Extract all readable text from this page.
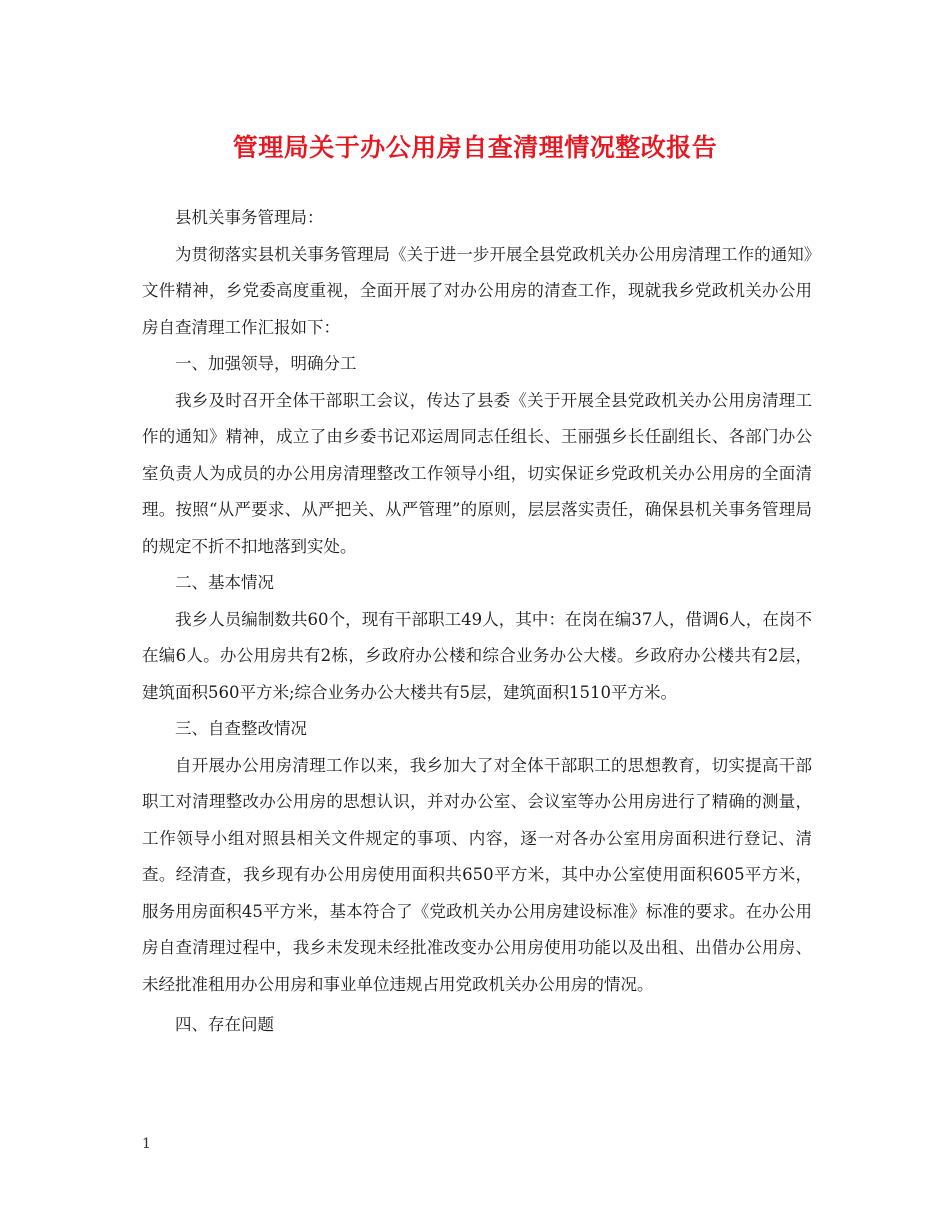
管理局关于办公用房自查清理情况整改报告

县机关事务管理局：

为贯彻落实县机关事务管理局《关于进一步开展全县党政机关办公用房清理工作的通知》文件精神，乡党委高度重视，全面开展了对办公用房的清查工作，现就我乡党政机关办公用房自查清理工作汇报如下：

一、加强领导，明确分工

我乡及时召开全体干部职工会议，传达了县委《关于开展全县党政机关办公用房清理工作的通知》精神，成立了由乡委书记邓运周同志任组长、王丽强乡长任副组长、各部门办公室负责人为成员的办公用房清理整改工作领导小组，切实保证乡党政机关办公用房的全面清理。按照“从严要求、从严把关、从严管理”的原则，层层落实责任，确保县机关事务管理局的规定不折不扣地落到实处。

二、基本情况

我乡人员编制数共60个，现有干部职工49人，其中：在岗在编37人，借调6人，在岗不在编6人。办公用房共有2栋，乡政府办公楼和综合业务办公大楼。乡政府办公楼共有2层，建筑面积560平方米;综合业务办公大楼共有5层，建筑面积1510平方米。

三、自查整改情况

自开展办公用房清理工作以来，我乡加大了对全体干部职工的思想教育，切实提高干部职工对清理整改办公用房的思想认识，并对办公室、会议室等办公用房进行了精确的测量，工作领导小组对照县相关文件规定的事项、内容，逐一对各办公室用房面积进行登记、清查。经清查，我乡现有办公用房使用面积共650平方米，其中办公室使用面积605平方米，服务用房面积45平方米，基本符合了《党政机关办公用房建设标准》标准的要求。在办公用房自查清理过程中，我乡未发现未经批准改变办公用房使用功能以及出租、出借办公用房、未经批准租用办公用房和事业单位违规占用党政机关办公用房的情况。

四、存在问题

1
